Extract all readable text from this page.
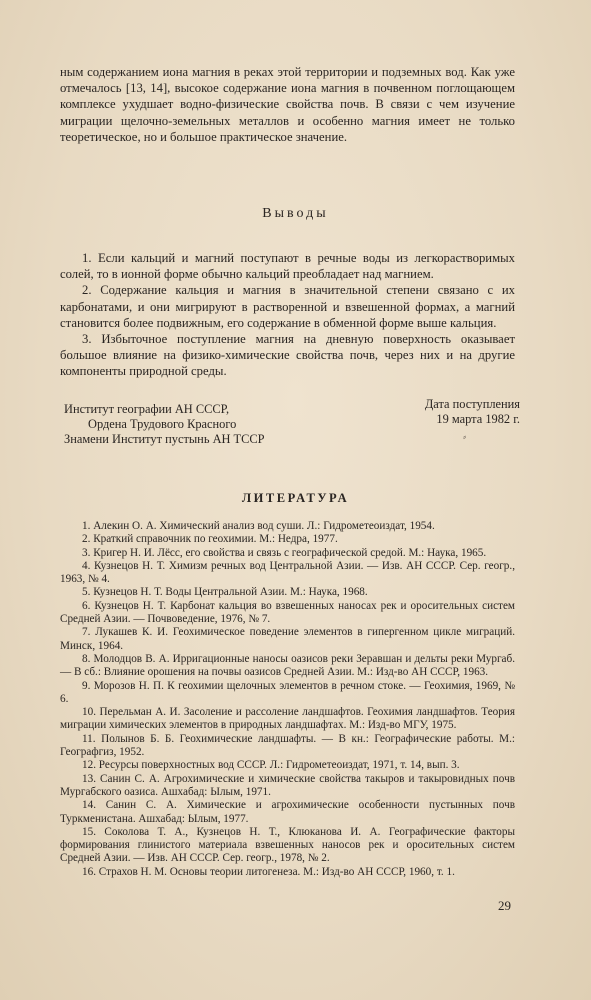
ным содержанием иона магния в реках этой территории и подземных вод. Как уже отмечалось [13, 14], высокое содержание иона магния в почвенном поглощающем комплексе ухудшает водно-физические свойства почв. В связи с чем изучение миграции щелочно-земельных металлов и особенно магния имеет не только теоретическое, но и большое практическое значение.

Выводы

1. Если кальций и магний поступают в речные воды из легкорастворимых солей, то в ионной форме обычно кальций преобладает над магнием.

2. Содержание кальция и магния в значительной степени связано с их карбонатами, и они мигрируют в растворенной и взвешенной формах, а магний становится более подвижным, его содержание в обменной форме выше кальция.

3. Избыточное поступление магния на дневную поверхность оказывает большое влияние на физико-химические свойства почв, через них и на другие компоненты природной среды.

Институт географии АН СССР,
Ордена Трудового Красного
Знамени Институт пустынь АН ТССР
Дата поступления
19 марта 1982 г.
⸗
ЛИТЕРАТУРА

1. Алекин О. А. Химический анализ вод суши. Л.: Гидрометеоиздат, 1954.

2. Краткий справочник по геохимии. М.: Недра, 1977.

3. Кригер Н. И. Лёсс, его свойства и связь с географической средой. М.: Наука, 1965.

4. Кузнецов Н. Т. Химизм речных вод Центральной Азии. — Изв. АН СССР. Сер. геогр., 1963, № 4.

5. Кузнецов Н. Т. Воды Центральной Азии. М.: Наука, 1968.

6. Кузнецов Н. Т. Карбонат кальция во взвешенных наносах рек и оросительных систем Средней Азии. — Почвоведение, 1976, № 7.

7. Лукашев К. И. Геохимическое поведение элементов в гипергенном цикле миграций. Минск, 1964.

8. Молодцов В. А. Ирригационные наносы оазисов реки Зеравшан и дельты реки Мургаб. — В сб.: Влияние орошения на почвы оазисов Средней Азии. М.: Изд-во АН СССР, 1963.

9. Морозов Н. П. К геохимии щелочных элементов в речном стоке. — Геохимия, 1969, № 6.

10. Перельман А. И. Засоление и рассоление ландшафтов. Геохимия ландшафтов. Теория миграции химических элементов в природных ландшафтах. М.: Изд-во МГУ, 1975.

11. Полынов Б. Б. Геохимические ландшафты. — В кн.: Географические работы. М.: Географгиз, 1952.

12. Ресурсы поверхностных вод СССР. Л.: Гидрометеоиздат, 1971, т. 14, вып. 3.

13. Санин С. А. Агрохимические и химические свойства такыров и такыровидных почв Мургабского оазиса. Ашхабад: Ылым, 1971.

14. Санин С. А. Химические и агрохимические особенности пустынных почв Туркменистана. Ашхабад: Ылым, 1977.

15. Соколова Т. А., Кузнецов Н. Т., Клюканова И. А. Географические факторы формирования глинистого материала взвешенных наносов рек и оросительных систем Средней Азии. — Изв. АН СССР. Сер. геогр., 1978, № 2.

16. Страхов Н. М. Основы теории литогенеза. М.: Изд-во АН СССР, 1960, т. 1.

29
